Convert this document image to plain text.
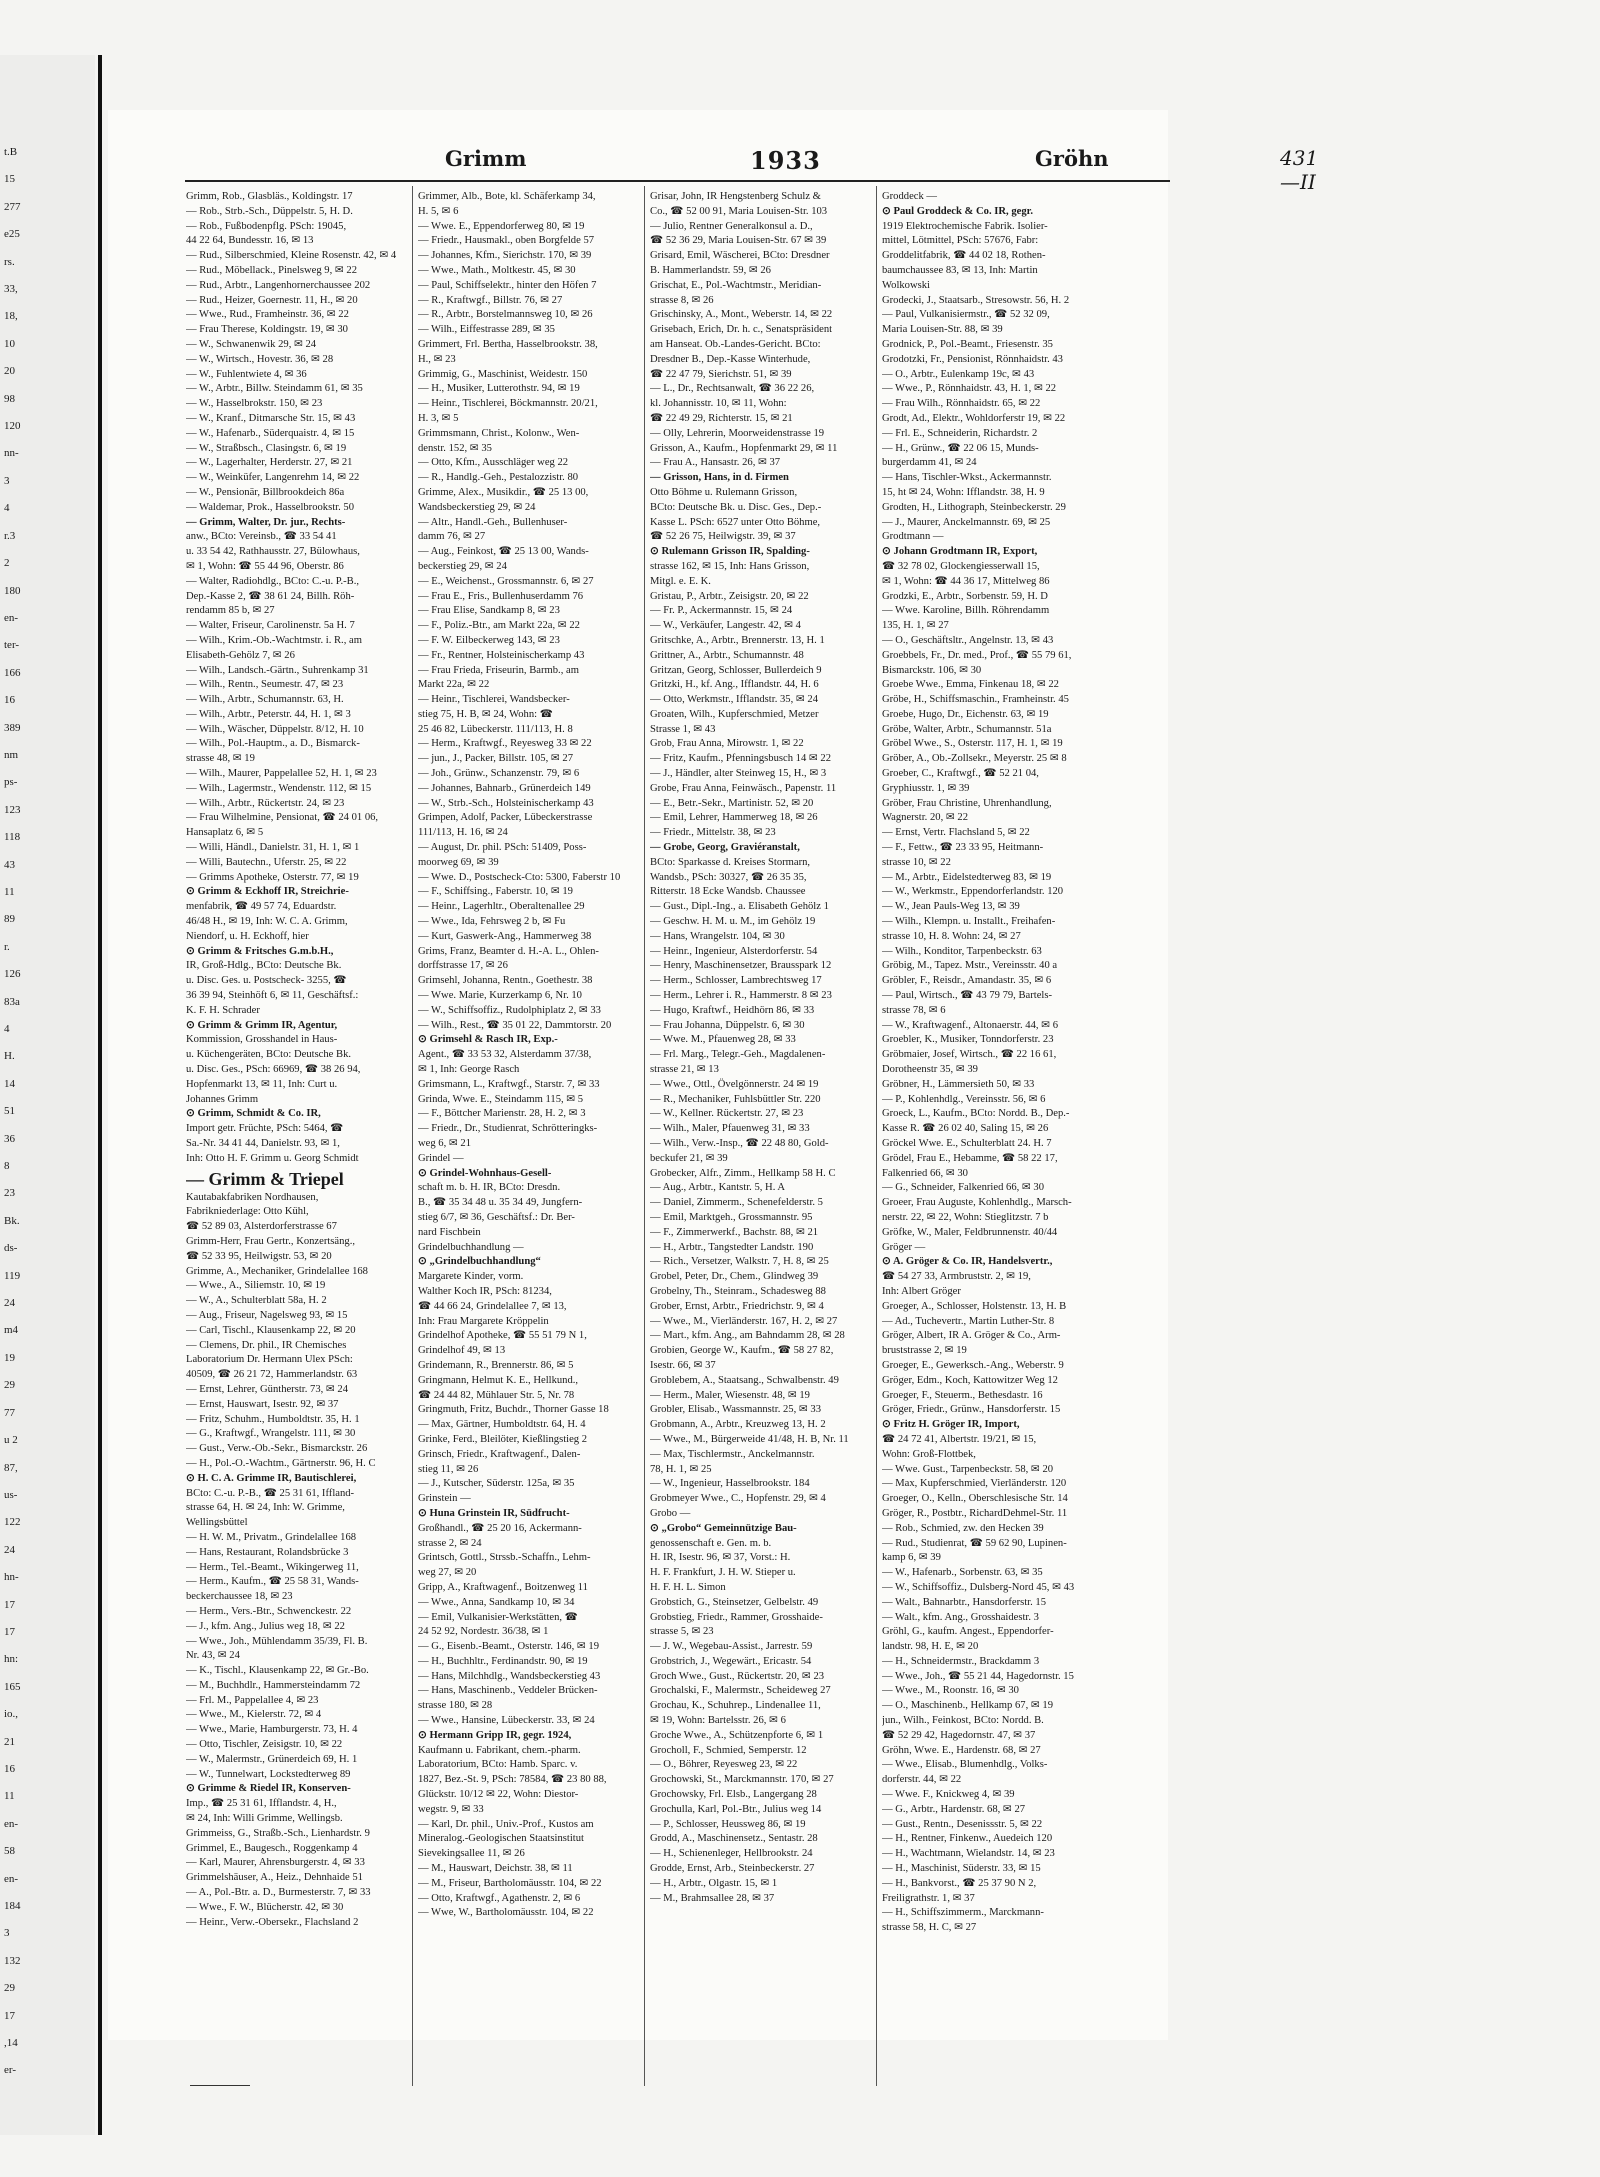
t.B
15
277
e25
rs.
33,
18,
10
20
98
120
nn-
3
4
r.3
2
180
en-
ter-
166
16
389
nm
ps-
123
118
43
11
89
r.
126
83a
4
H.
14
51
36
8
23
Bk.
ds-
119
24
m4
19
29
77
u 2
87,
us-
122
24
hn-
17
17
hn:
165
io.,
21
16
11
en-
58
en-
184
3
132
29
17
,14
er-
Grimm	1933	Gröhn	431—II
Grimm, Rob., Glasbläs., Koldingstr. 17
— Rob., Strb.-Sch., Düppelstr. 5, H. D.
— Rob., Fußbodenpflg. PSch: 19045,
44 22 64, Bundesstr. 16, ✉ 13
— Rud., Silberschmied, Kleine Rosenstr. 42, ✉ 4
— Rud., Möbellack., Pinelsweg 9, ✉ 22
— Rud., Arbtr., Langenhornerchaussee 202
— Rud., Heizer, Goernestr. 11, H., ✉ 20
— Wwe., Rud., Framheinstr. 36, ✉ 22
— Frau Therese, Koldingstr. 19, ✉ 30
— W., Schwanenwik 29, ✉ 24
— W., Wirtsch., Hovestr. 36, ✉ 28
— W., Fuhlentwiete 4, ✉ 36
— W., Arbtr., Billw. Steindamm 61, ✉ 35
— W., Hasselbrokstr. 150, ✉ 23
— W., Kranf., Ditmarsche Str. 15, ✉ 43
— W., Hafenarb., Süderquaistr. 4, ✉ 15
— W., Straßbsch., Clasingstr. 6, ✉ 19
— W., Lagerhalter, Herderstr. 27, ✉ 21
— W., Weinküfer, Langenrehm 14, ✉ 22
— W., Pensionär, Billbrookdeich 86a
— Waldemar, Prok., Hasselbrookstr. 50
— Grimm, Walter, Dr. jur., Rechts-
anw., BCto: Vereinsb., ☎ 33 54 41
u. 33 54 42, Rathhausstr. 27, Bülowhaus,
✉ 1, Wohn: ☎ 55 44 96, Oberstr. 86
— Walter, Radiohdlg., BCto: C.-u. P.-B.,
Dep.-Kasse 2, ☎ 38 61 24, Billh. Röh-
rendamm 85 b, ✉ 27
— Walter, Friseur, Carolinenstr. 5a H. 7
— Wilh., Krim.-Ob.-Wachtmstr. i. R., am
Elisabeth-Gehölz 7, ✉ 26
— Wilh., Landsch.-Gärtn., Suhrenkamp 31
— Wilh., Rentn., Seumestr. 47, ✉ 23
— Wilh., Arbtr., Schumannstr. 63, H.
— Wilh., Arbtr., Peterstr. 44, H. 1, ✉ 3
— Wilh., Wäscher, Düppelstr. 8/12, H. 10
— Wilh., Pol.-Hauptm., a. D., Bismarck-
strasse 48, ✉ 19
— Wilh., Maurer, Pappelallee 52, H. 1, ✉ 23
— Wilh., Lagermstr., Wendenstr. 112, ✉ 15
— Wilh., Arbtr., Rückertstr. 24, ✉ 23
— Frau Wilhelmine, Pensionat, ☎ 24 01 06,
Hansaplatz 6, ✉ 5
— Willi, Händl., Danielstr. 31, H. 1, ✉ 1
— Willi, Bautechn., Uferstr. 25, ✉ 22
— Grimms Apotheke, Osterstr. 77, ✉ 19
⊙ Grimm & Eckhoff IR, Streichrie-
menfabrik, ☎ 49 57 74, Eduardstr.
46/48 H., ✉ 19, Inh: W. C. A. Grimm,
Niendorf, u. H. Eckhoff, hier
⊙ Grimm & Fritsches G.m.b.H.,
IR, Groß-Hdlg., BCto: Deutsche Bk.
u. Disc. Ges. u. Postscheck- 3255, ☎
36 39 94, Steinhöft 6, ✉ 11, Geschäftsf.:
K. F. H. Schrader
⊙ Grimm & Grimm IR, Agentur,
Kommission, Grosshandel in Haus-
u. Küchengeräten, BCto: Deutsche Bk.
u. Disc. Ges., PSch: 66969, ☎ 38 26 94,
Hopfenmarkt 13, ✉ 11, Inh: Curt u.
Johannes Grimm
⊙ Grimm, Schmidt & Co. IR,
Import getr. Früchte, PSch: 5464, ☎
Sa.-Nr. 34 41 44, Danielstr. 93, ✉ 1,
Inh: Otto H. F. Grimm u. Georg Schmidt
— Grimm & Triepel
Kautabakfabriken Nordhausen,
Fabrikniederlage: Otto Kühl,
☎ 52 89 03, Alsterdorferstrasse 67
Grimm-Herr, Frau Gertr., Konzertsäng.,
☎ 52 33 95, Heilwigstr. 53, ✉ 20
Grimme, A., Mechaniker, Grindelallee 168
— Wwe., A., Siliemstr. 10, ✉ 19
— W., A., Schulterblatt 58a, H. 2
— Aug., Friseur, Nagelsweg 93, ✉ 15
— Carl, Tischl., Klausenkamp 22, ✉ 20
— Clemens, Dr. phil., IR Chemisches
Laboratorium Dr. Hermann Ulex PSch:
40509, ☎ 26 21 72, Hammerlandstr. 63
— Ernst, Lehrer, Güntherstr. 73, ✉ 24
— Ernst, Hauswart, Isestr. 92, ✉ 37
— Fritz, Schuhm., Humboldtstr. 35, H. 1
— G., Kraftwgf., Wrangelstr. 111, ✉ 30
— Gust., Verw.-Ob.-Sekr., Bismarckstr. 26
— H., Pol.-O.-Wachtm., Gärtnerstr. 96, H. C
⊙ H. C. A. Grimme IR, Bautischlerei,
BCto: C.-u. P.-B., ☎ 25 31 61, Iffland-
strasse 64, H. ✉ 24, Inh: W. Grimme,
Wellingsbüttel
— H. W. M., Privatm., Grindelallee 168
— Hans, Restaurant, Rolandsbrücke 3
— Herm., Tel.-Beamt., Wikingerweg 11,
— Herm., Kaufm., ☎ 25 58 31, Wands-
beckerchaussee 18, ✉ 23
— Herm., Vers.-Btr., Schwenckestr. 22
— J., kfm. Ang., Julius weg 18, ✉ 22
— Wwe., Joh., Mühlendamm 35/39, Fl. B.
Nr. 43, ✉ 24
— K., Tischl., Klausenkamp 22, ✉ Gr.-Bo.
— M., Buchhdlr., Hammersteindamm 72
— Frl. M., Pappelallee 4, ✉ 23
— Wwe., M., Kielerstr. 72, ✉ 4
— Wwe., Marie, Hamburgerstr. 73, H. 4
— Otto, Tischler, Zeisigstr. 10, ✉ 22
— W., Malermstr., Grünerdeich 69, H. 1
— W., Tunnelwart, Lockstedterweg 89
⊙ Grimme & Riedel IR, Konserven-
Imp., ☎ 25 31 61, Ifflandstr. 4, H.,
✉ 24, Inh: Willi Grimme, Wellingsb.
Grimmeiss, G., Straßb.-Sch., Lienhardstr. 9
Grimmel, E., Baugesch., Roggenkamp 4
— Karl, Maurer, Ahrensburgerstr. 4, ✉ 33
Grimmelshäuser, A., Heiz., Dehnhaide 51
— A., Pol.-Btr. a. D., Burmesterstr. 7, ✉ 33
— Wwe., F. W., Blücherstr. 42, ✉ 30
— Heinr., Verw.-Obersekr., Flachsland 2
Grimmer, Alb., Bote, kl. Schäferkamp 34,
H. 5, ✉ 6
— Wwe. E., Eppendorferweg 80, ✉ 19
— Friedr., Hausmakl., oben Borgfelde 57
— Johannes, Kfm., Sierichstr. 170, ✉ 39
— Wwe., Math., Moltkestr. 45, ✉ 30
— Paul, Schiffselektr., hinter den Höfen 7
— R., Kraftwgf., Billstr. 76, ✉ 27
— R., Arbtr., Borstelmannsweg 10, ✉ 26
— Wilh., Eiffestrasse 289, ✉ 35
Grimmert, Frl. Bertha, Hasselbrookstr. 38,
H., ✉ 23
Grimmig, G., Maschinist, Weidestr. 150
— H., Musiker, Lutterothstr. 94, ✉ 19
— Heinr., Tischlerei, Böckmannstr. 20/21,
H. 3, ✉ 5
Grimmsmann, Christ., Kolonw., Wen-
denstr. 152, ✉ 35
— Otto, Kfm., Ausschläger weg 22
— R., Handlg.-Geh., Pestalozzistr. 80
Grimme, Alex., Musikdir., ☎ 25 13 00,
Wandsbeckerstieg 29, ✉ 24
— Altr., Handl.-Geh., Bullenhuser-
damm 76, ✉ 27
— Aug., Feinkost, ☎ 25 13 00, Wands-
beckerstieg 29, ✉ 24
— E., Weichenst., Grossmannstr. 6, ✉ 27
— Frau E., Fris., Bullenhuserdamm 76
— Frau Elise, Sandkamp 8, ✉ 23
— F., Poliz.-Btr., am Markt 22a, ✉ 22
— F. W. Eilbeckerweg 143, ✉ 23
— Fr., Rentner, Holsteinischerkamp 43
— Frau Frieda, Friseurin, Barmb., am
Markt 22a, ✉ 22
— Heinr., Tischlerei, Wandsbecker-
stieg 75, H. B, ✉ 24, Wohn: ☎
25 46 82, Lübeckerstr. 111/113, H. 8
— Herm., Kraftwgf., Reyesweg 33 ✉ 22
— jun., J., Packer, Billstr. 105, ✉ 27
— Joh., Grünw., Schanzenstr. 79, ✉ 6
— Johannes, Bahnarb., Grünerdeich 149
— W., Strb.-Sch., Holsteinischerkamp 43
Grimpen, Adolf, Packer, Lübeckerstrasse
111/113, H. 16, ✉ 24
— August, Dr. phil. PSch: 51409, Poss-
moorweg 69, ✉ 39
— Wwe. D., Postscheck-Cto: 5300, Faberstr 10
— F., Schiffsing., Faberstr. 10, ✉ 19
— Heinr., Lagerhltr., Oberaltenallee 29
— Wwe., Ida, Fehrsweg 2 b, ✉ Fu
— Kurt, Gaswerk-Ang., Hammerweg 38
Grims, Franz, Beamter d. H.-A. L., Ohlen-
dorffstrasse 17, ✉ 26
Grimsehl, Johanna, Rentn., Goethestr. 38
— Wwe. Marie, Kurzerkamp 6, Nr. 10
— W., Schiffsoffiz., Rudolphiplatz 2, ✉ 33
— Wilh., Rest., ☎ 35 01 22, Dammtorstr. 20
⊙ Grimsehl & Rasch IR, Exp.-
Agent., ☎ 33 53 32, Alsterdamm 37/38,
✉ 1, Inh: George Rasch
Grimsmann, L., Kraftwgf., Starstr. 7, ✉ 33
Grinda, Wwe. E., Steindamm 115, ✉ 5
— F., Böttcher Marienstr. 28, H. 2, ✉ 3
— Friedr., Dr., Studienrat, Schrötteringks-
weg 6, ✉ 21
Grindel —
⊙ Grindel-Wohnhaus-Gesell-
schaft m. b. H. IR, BCto: Dresdn.
B., ☎ 35 34 48 u. 35 34 49, Jungfern-
stieg 6/7, ✉ 36, Geschäftsf.: Dr. Ber-
nard Fischbein
Grindelbuchhandlung —
⊙ „Grindelbuchhandlung“
Margarete Kinder, vorm.
Walther Koch IR, PSch: 81234,
☎ 44 66 24, Grindelallee 7, ✉ 13,
Inh: Frau Margarete Kröppelin
Grindelhof Apotheke, ☎ 55 51 79 N 1,
Grindelhof 49, ✉ 13
Grindemann, R., Brennerstr. 86, ✉ 5
Gringmann, Helmut K. E., Hellkund.,
☎ 24 44 82, Mühlauer Str. 5, Nr. 78
Gringmuth, Fritz, Buchdr., Thorner Gasse 18
— Max, Gärtner, Humboldtstr. 64, H. 4
Grinke, Ferd., Bleilöter, Kießlingstieg 2
Grinsch, Friedr., Kraftwagenf., Dalen-
stieg 11, ✉ 26
— J., Kutscher, Süderstr. 125a, ✉ 35
Grinstein —
⊙ Huna Grinstein IR, Südfrucht-
Großhandl., ☎ 25 20 16, Ackermann-
strasse 2, ✉ 24
Grintsch, Gottl., Strssb.-Schaffn., Lehm-
weg 27, ✉ 20
Gripp, A., Kraftwagenf., Boitzenweg 11
— Wwe., Anna, Sandkamp 10, ✉ 34
— Emil, Vulkanisier-Werkstätten, ☎
24 52 92, Nordestr. 36/38, ✉ 1
— G., Eisenb.-Beamt., Osterstr. 146, ✉ 19
— H., Buchhltr., Ferdinandstr. 90, ✉ 19
— Hans, Milchhdlg., Wandsbeckerstieg 43
— Hans, Maschinenb., Veddeler Brücken-
strasse 180, ✉ 28
— Wwe., Hansine, Lübeckerstr. 33, ✉ 24
⊙ Hermann Gripp IR, gegr. 1924,
Kaufmann u. Fabrikant, chem.-pharm.
Laboratorium, BCto: Hamb. Sparc. v.
1827, Bez.-St. 9, PSch: 78584, ☎ 23 80 88,
Glückstr. 10/12 ✉ 22, Wohn: Diestor-
wegstr. 9, ✉ 33
— Karl, Dr. phil., Univ.-Prof., Kustos am
Mineralog.-Geologischen Staatsinstitut
Sievekingsallee 11, ✉ 26
— M., Hauswart, Deichstr. 38, ✉ 11
— M., Friseur, Bartholomäusstr. 104, ✉ 22
— Otto, Kraftwgf., Agathenstr. 2, ✉ 6
— Wwe, W., Bartholomäusstr. 104, ✉ 22
Grisar, John, IR Hengstenberg Schulz &
Co., ☎ 52 00 91, Maria Louisen-Str. 103
— Julio, Rentner Generalkonsul a. D.,
☎ 52 36 29, Maria Louisen-Str. 67 ✉ 39
Grisard, Emil, Wäscherei, BCto: Dresdner
B. Hammerlandstr. 59, ✉ 26
Grischat, E., Pol.-Wachtmstr., Meridian-
strasse 8, ✉ 26
Grischinsky, A., Mont., Weberstr. 14, ✉ 22
Grisebach, Erich, Dr. h. c., Senatspräsident
am Hanseat. Ob.-Landes-Gericht. BCto:
Dresdner B., Dep.-Kasse Winterhude,
☎ 22 47 79, Sierichstr. 51, ✉ 39
— L., Dr., Rechtsanwalt, ☎ 36 22 26,
kl. Johannisstr. 10, ✉ 11, Wohn:
☎ 22 49 29, Richterstr. 15, ✉ 21
— Olly, Lehrerin, Moorweidenstrasse 19
Grisson, A., Kaufm., Hopfenmarkt 29, ✉ 11
— Frau A., Hansastr. 26, ✉ 37
— Grisson, Hans, in d. Firmen
Otto Böhme u. Rulemann Grisson,
BCto: Deutsche Bk. u. Disc. Ges., Dep.-
Kasse L. PSch: 6527 unter Otto Böhme,
☎ 52 26 75, Heilwigstr. 39, ✉ 37
⊙ Rulemann Grisson IR, Spalding-
strasse 162, ✉ 15, Inh: Hans Grisson,
Mitgl. e. E. K.
Gristau, P., Arbtr., Zeisigstr. 20, ✉ 22
— Fr. P., Ackermannstr. 15, ✉ 24
— W., Verkäufer, Langestr. 42, ✉ 4
Gritschke, A., Arbtr., Brennerstr. 13, H. 1
Grittner, A., Arbtr., Schumannstr. 48
Gritzan, Georg, Schlosser, Bullerdeich 9
Gritzki, H., kf. Ang., Ifflandstr. 44, H. 6
— Otto, Werkmstr., Ifflandstr. 35, ✉ 24
Groaten, Wilh., Kupferschmied, Metzer
Strasse 1, ✉ 43
Grob, Frau Anna, Mirowstr. 1, ✉ 22
— Fritz, Kaufm., Pfenningsbusch 14 ✉ 22
— J., Händler, alter Steinweg 15, H., ✉ 3
Grobe, Frau Anna, Feinwäsch., Papenstr. 11
— E., Betr.-Sekr., Martinistr. 52, ✉ 20
— Emil, Lehrer, Hammerweg 18, ✉ 26
— Friedr., Mittelstr. 38, ✉ 23
— Grobe, Georg, Graviéranstalt,
BCto: Sparkasse d. Kreises Stormarn,
Wandsb., PSch: 30327, ☎ 26 35 35,
Ritterstr. 18 Ecke Wandsb. Chaussee
— Gust., Dipl.-Ing., a. Elisabeth Gehölz 1
— Geschw. H. M. u. M., im Gehölz 19
— Hans, Wrangelstr. 104, ✉ 30
— Heinr., Ingenieur, Alsterdorferstr. 54
— Henry, Maschinensetzer, Brausspark 12
— Herm., Schlosser, Lambrechtsweg 17
— Herm., Lehrer i. R., Hammerstr. 8 ✉ 23
— Hugo, Kraftwf., Heidhörn 86, ✉ 33
— Frau Johanna, Düppelstr. 6, ✉ 30
— Wwe. M., Pfauenweg 28, ✉ 33
— Frl. Marg., Telegr.-Geh., Magdalenen-
strasse 21, ✉ 13
— Wwe., Ottl., Övelgönnerstr. 24 ✉ 19
— R., Mechaniker, Fuhlsbüttler Str. 220
— W., Kellner. Rückertstr. 27, ✉ 23
— Wilh., Maler, Pfauenweg 31, ✉ 33
— Wilh., Verw.-Insp., ☎ 22 48 80, Gold-
beckufer 21, ✉ 39
Grobecker, Alfr., Zimm., Hellkamp 58 H. C
— Aug., Arbtr., Kantstr. 5, H. A
— Daniel, Zimmerm., Schenefelderstr. 5
— Emil, Marktgeh., Grossmannstr. 95
— F., Zimmerwerkf., Bachstr. 88, ✉ 21
— H., Arbtr., Tangstedter Landstr. 190
— Rich., Versetzer, Walkstr. 7, H. 8, ✉ 25
Grobel, Peter, Dr., Chem., Glindweg 39
Grobelny, Th., Steinram., Schadesweg 88
Grober, Ernst, Arbtr., Friedrichstr. 9, ✉ 4
— Wwe., M., Vierländerstr. 167, H. 2, ✉ 27
— Mart., kfm. Ang., am Bahndamm 28, ✉ 28
Grobien, George W., Kaufm., ☎ 58 27 82,
Isestr. 66, ✉ 37
Groblebem, A., Staatsang., Schwalbenstr. 49
— Herm., Maler, Wiesenstr. 48, ✉ 19
Grobler, Elisab., Wassmannstr. 25, ✉ 33
Grobmann, A., Arbtr., Kreuzweg 13, H. 2
— Wwe., M., Bürgerweide 41/48, H. B, Nr. 11
— Max, Tischlermstr., Anckelmannstr.
78, H. 1, ✉ 25
— W., Ingenieur, Hasselbrookstr. 184
Grobmeyer Wwe., C., Hopfenstr. 29, ✉ 4
Grobo —
⊙ „Grobo“ Gemeinnützige Bau-
genossenschaft e. Gen. m. b.
H. IR, Isestr. 96, ✉ 37, Vorst.: H.
H. F. Frankfurt, J. H. W. Stieper u.
H. F. H. L. Simon
Grobstich, G., Steinsetzer, Gelbelstr. 49
Grobstieg, Friedr., Rammer, Grosshaide-
strasse 5, ✉ 23
— J. W., Wegebau-Assist., Jarrestr. 59
Grobstrich, J., Wegewärt., Ericastr. 54
Groch Wwe., Gust., Rückertstr. 20, ✉ 23
Grochalski, F., Malermstr., Scheideweg 27
Grochau, K., Schuhrep., Lindenallee 11,
✉ 19, Wohn: Bartelsstr. 26, ✉ 6
Groche Wwe., A., Schützenpforte 6, ✉ 1
Grocholl, F., Schmied, Semperstr. 12
— O., Böhrer, Reyesweg 23, ✉ 22
Grochowski, St., Marckmannstr. 170, ✉ 27
Grochowsky, Frl. Elsb., Langergang 28
Grochulla, Karl, Pol.-Btr., Julius weg 14
— P., Schlosser, Heussweg 86, ✉ 19
Grodd, A., Maschinensetz., Sentastr. 28
— H., Schienenleger, Hellbrookstr. 24
Grodde, Ernst, Arb., Steinbeckerstr. 27
— H., Arbtr., Olgastr. 15, ✉ 1
— M., Brahmsallee 28, ✉ 37
Groddeck —
⊙ Paul Groddeck & Co. IR, gegr.
1919 Elektrochemische Fabrik. Isolier-
mittel, Lötmittel, PSch: 57676, Fabr:
Groddelitfabrik, ☎ 44 02 18, Rothen-
baumchaussee 83, ✉ 13, Inh: Martin
Wolkowski
Grodecki, J., Staatsarb., Stresowstr. 56, H. 2
— Paul, Vulkanisiermstr., ☎ 52 32 09,
Maria Louisen-Str. 88, ✉ 39
Grodnick, P., Pol.-Beamt., Friesenstr. 35
Grodotzki, Fr., Pensionist, Rönnhaidstr. 43
— O., Arbtr., Eulenkamp 19c, ✉ 43
— Wwe., P., Rönnhaidstr. 43, H. 1, ✉ 22
— Frau Wilh., Rönnhaidstr. 65, ✉ 22
Grodt, Ad., Elektr., Wohldorferstr 19, ✉ 22
— Frl. E., Schneiderin, Richardstr. 2
— H., Grünw., ☎ 22 06 15, Munds-
burgerdamm 41, ✉ 24
— Hans, Tischler-Wkst., Ackermannstr.
15, ht ✉ 24, Wohn: Ifflandstr. 38, H. 9
Grodten, H., Lithograph, Steinbeckerstr. 29
— J., Maurer, Anckelmannstr. 69, ✉ 25
Grodtmann —
⊙ Johann Grodtmann IR, Export,
☎ 32 78 02, Glockengiesserwall 15,
✉ 1, Wohn: ☎ 44 36 17, Mittelweg 86
Grodzki, E., Arbtr., Sorbenstr. 59, H. D
— Wwe. Karoline, Billh. Röhrendamm
135, H. 1, ✉ 27
— O., Geschäftsltr., Angelnstr. 13, ✉ 43
Groebbels, Fr., Dr. med., Prof., ☎ 55 79 61,
Bismarckstr. 106, ✉ 30
Groebe Wwe., Emma, Finkenau 18, ✉ 22
Gröbe, H., Schiffsmaschin., Framheinstr. 45
Groebe, Hugo, Dr., Eichenstr. 63, ✉ 19
Gröbe, Walter, Arbtr., Schumannstr. 51a
Gröbel Wwe., S., Osterstr. 117, H. 1, ✉ 19
Gröber, A., Ob.-Zollsekr., Meyerstr. 25 ✉ 8
Groeber, C., Kraftwgf., ☎ 52 21 04,
Gryphiusstr. 1, ✉ 39
Gröber, Frau Christine, Uhrenhandlung,
Wagnerstr. 20, ✉ 22
— Ernst, Vertr. Flachsland 5, ✉ 22
— F., Fettw., ☎ 23 33 95, Heitmann-
strasse 10, ✉ 22
— M., Arbtr., Eidelstedterweg 83, ✉ 19
— W., Werkmstr., Eppendorferlandstr. 120
— W., Jean Pauls-Weg 13, ✉ 39
— Wilh., Klempn. u. Installt., Freihafen-
strasse 10, H. 8. Wohn: 24, ✉ 27
— Wilh., Konditor, Tarpenbeckstr. 63
Gröbig, M., Tapez. Mstr., Vereinsstr. 40 a
Gröbler, F., Reisdr., Amandastr. 35, ✉ 6
— Paul, Wirtsch., ☎ 43 79 79, Bartels-
strasse 78, ✉ 6
— W., Kraftwagenf., Altonaerstr. 44, ✉ 6
Groebler, K., Musiker, Tonndorferstr. 23
Gröbmaier, Josef, Wirtsch., ☎ 22 16 61,
Dorotheenstr 35, ✉ 39
Gröbner, H., Lämmersieth 50, ✉ 33
— P., Kohlenhdlg., Vereinsstr. 56, ✉ 6
Groeck, L., Kaufm., BCto: Nordd. B., Dep.-
Kasse R. ☎ 26 02 40, Saling 15, ✉ 26
Gröckel Wwe. E., Schulterblatt 24. H. 7
Grödel, Frau E., Hebamme, ☎ 58 22 17,
Falkenried 66, ✉ 30
— G., Schneider, Falkenried 66, ✉ 30
Groeer, Frau Auguste, Kohlenhdlg., Marsch-
nerstr. 22, ✉ 22, Wohn: Stieglitzstr. 7 b
Gröfke, W., Maler, Feldbrunnenstr. 40/44
Gröger —
⊙ A. Gröger & Co. IR, Handelsvertr.,
☎ 54 27 33, Armbruststr. 2, ✉ 19,
Inh: Albert Gröger
Groeger, A., Schlosser, Holstenstr. 13, H. B
— Ad., Tuchevertr., Martin Luther-Str. 8
Gröger, Albert, IR A. Gröger & Co., Arm-
bruststrasse 2, ✉ 19
Groeger, E., Gewerksch.-Ang., Weberstr. 9
Gröger, Edm., Koch, Kattowitzer Weg 12
Groeger, F., Steuerm., Bethesdastr. 16
Gröger, Friedr., Grünw., Hansdorferstr. 15
⊙ Fritz H. Gröger IR, Import,
☎ 24 72 41, Albertstr. 19/21, ✉ 15,
Wohn: Groß-Flottbek,
— Wwe. Gust., Tarpenbeckstr. 58, ✉ 20
— Max, Kupferschmied, Vierländerstr. 120
Groeger, O., Kelln., Oberschlesische Str. 14
Gröger, R., Postbtr., RichardDehmel-Str. 11
— Rob., Schmied, zw. den Hecken 39
— Rud., Studienrat, ☎ 59 62 90, Lupinen-
kamp 6, ✉ 39
— W., Hafenarb., Sorbenstr. 63, ✉ 35
— W., Schiffsoffiz., Dulsberg-Nord 45, ✉ 43
— Walt., Bahnarbtr., Hansdorferstr. 15
— Walt., kfm. Ang., Grosshaidestr. 3
Gröhl, G., kaufm. Angest., Eppendorfer-
landstr. 98, H. E, ✉ 20
— H., Schneidermstr., Brackdamm 3
— Wwe., Joh., ☎ 55 21 44, Hagedornstr. 15
— Wwe., M., Roonstr. 16, ✉ 30
— O., Maschinenb., Hellkamp 67, ✉ 19
jun., Wilh., Feinkost, BCto: Nordd. B.
☎ 52 29 42, Hagedornstr. 47, ✉ 37
Gröhn, Wwe. E., Hardenstr. 68, ✉ 27
— Wwe., Elisab., Blumenhdlg., Volks-
dorferstr. 44, ✉ 22
— Wwe. F., Knickweg 4, ✉ 39
— G., Arbtr., Hardenstr. 68, ✉ 27
— Gust., Rentn., Desenissstr. 5, ✉ 22
— H., Rentner, Finkenw., Auedeich 120
— H., Wachtmann, Wielandstr. 14, ✉ 23
— H., Maschinist, Süderstr. 33, ✉ 15
— H., Bankvorst., ☎ 25 37 90 N 2,
Freiligrathstr. 1, ✉ 37
— H., Schiffszimmerm., Marckmann-
strasse 58, H. C, ✉ 27
